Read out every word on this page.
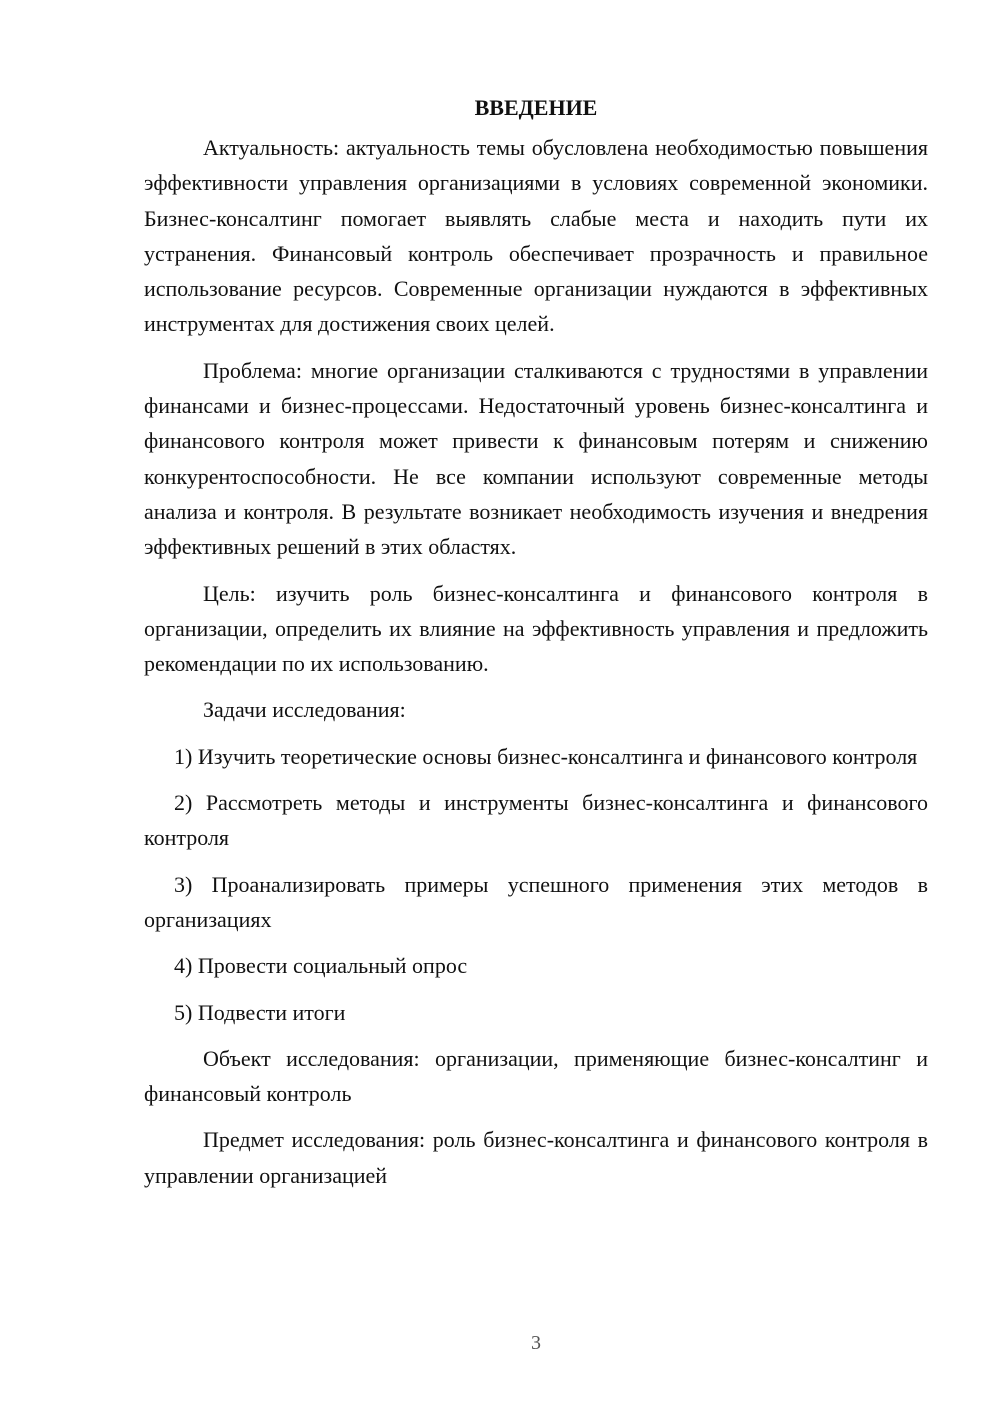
ВВЕДЕНИЕ

Актуальность: актуальность темы обусловлена необходимостью повышения эффективности управления организациями в условиях современной экономики. Бизнес-консалтинг помогает выявлять слабые места и находить пути их устранения. Финансовый контроль обеспечивает прозрачность и правильное использование ресурсов. Современные организации нуждаются в эффективных инструментах для достижения своих целей.

Проблема: многие организации сталкиваются с трудностями в управлении финансами и бизнес-процессами. Недостаточный уровень бизнес-консалтинга и финансового контроля может привести к финансовым потерям и снижению конкурентоспособности. Не все компании используют современные методы анализа и контроля. В результате возникает необходимость изучения и внедрения эффективных решений в этих областях.

Цель: изучить роль бизнес-консалтинга и финансового контроля в организации, определить их влияние на эффективность управления и предложить рекомендации по их использованию.

Задачи исследования:

1) Изучить теоретические основы бизнес-консалтинга и финансового контроля

2) Рассмотреть методы и инструменты бизнес-консалтинга и финансового контроля

3) Проанализировать примеры успешного применения этих методов в организациях

4) Провести социальный опрос

5) Подвести итоги

Объект исследования: организации, применяющие бизнес-консалтинг и финансовый контроль

Предмет исследования: роль бизнес-консалтинга и финансового контроля в управлении организацией

3
